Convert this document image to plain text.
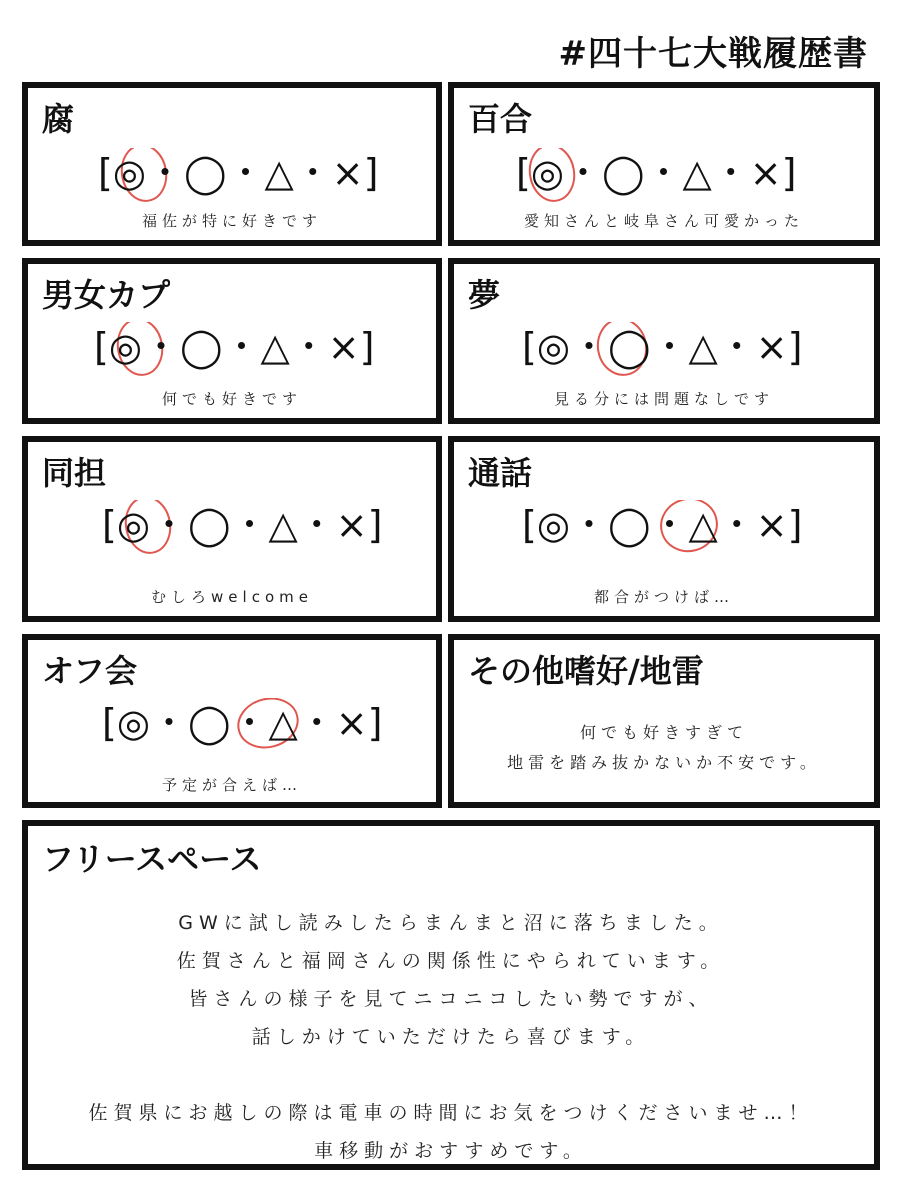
#四十七大戦履歴書
腐
[◎・◯・△・×]
福佐が特に好きです
百合
[◎・◯・△・×]
愛知さんと岐阜さん可愛かった
男女カプ
[◎・◯・△・×]
何でも好きです
夢
[◎・◯・△・×]
見る分には問題なしです
同担
[◎・◯・△・×]
むしろwelcome
通話
[◎・◯・△・×]
都合がつけば…
オフ会
[◎・◯・△・×]
予定が合えば…
その他嗜好/地雷
何でも好きすぎて
地雷を踏み抜かないか不安です。
フリースペース
GWに試し読みしたらまんまと沼に落ちました。
佐賀さんと福岡さんの関係性にやられています。
皆さんの様子を見てニコニコしたい勢ですが、
話しかけていただけたら喜びます。
佐賀県にお越しの際は電車の時間にお気をつけくださいませ…！
車移動がおすすめです。
